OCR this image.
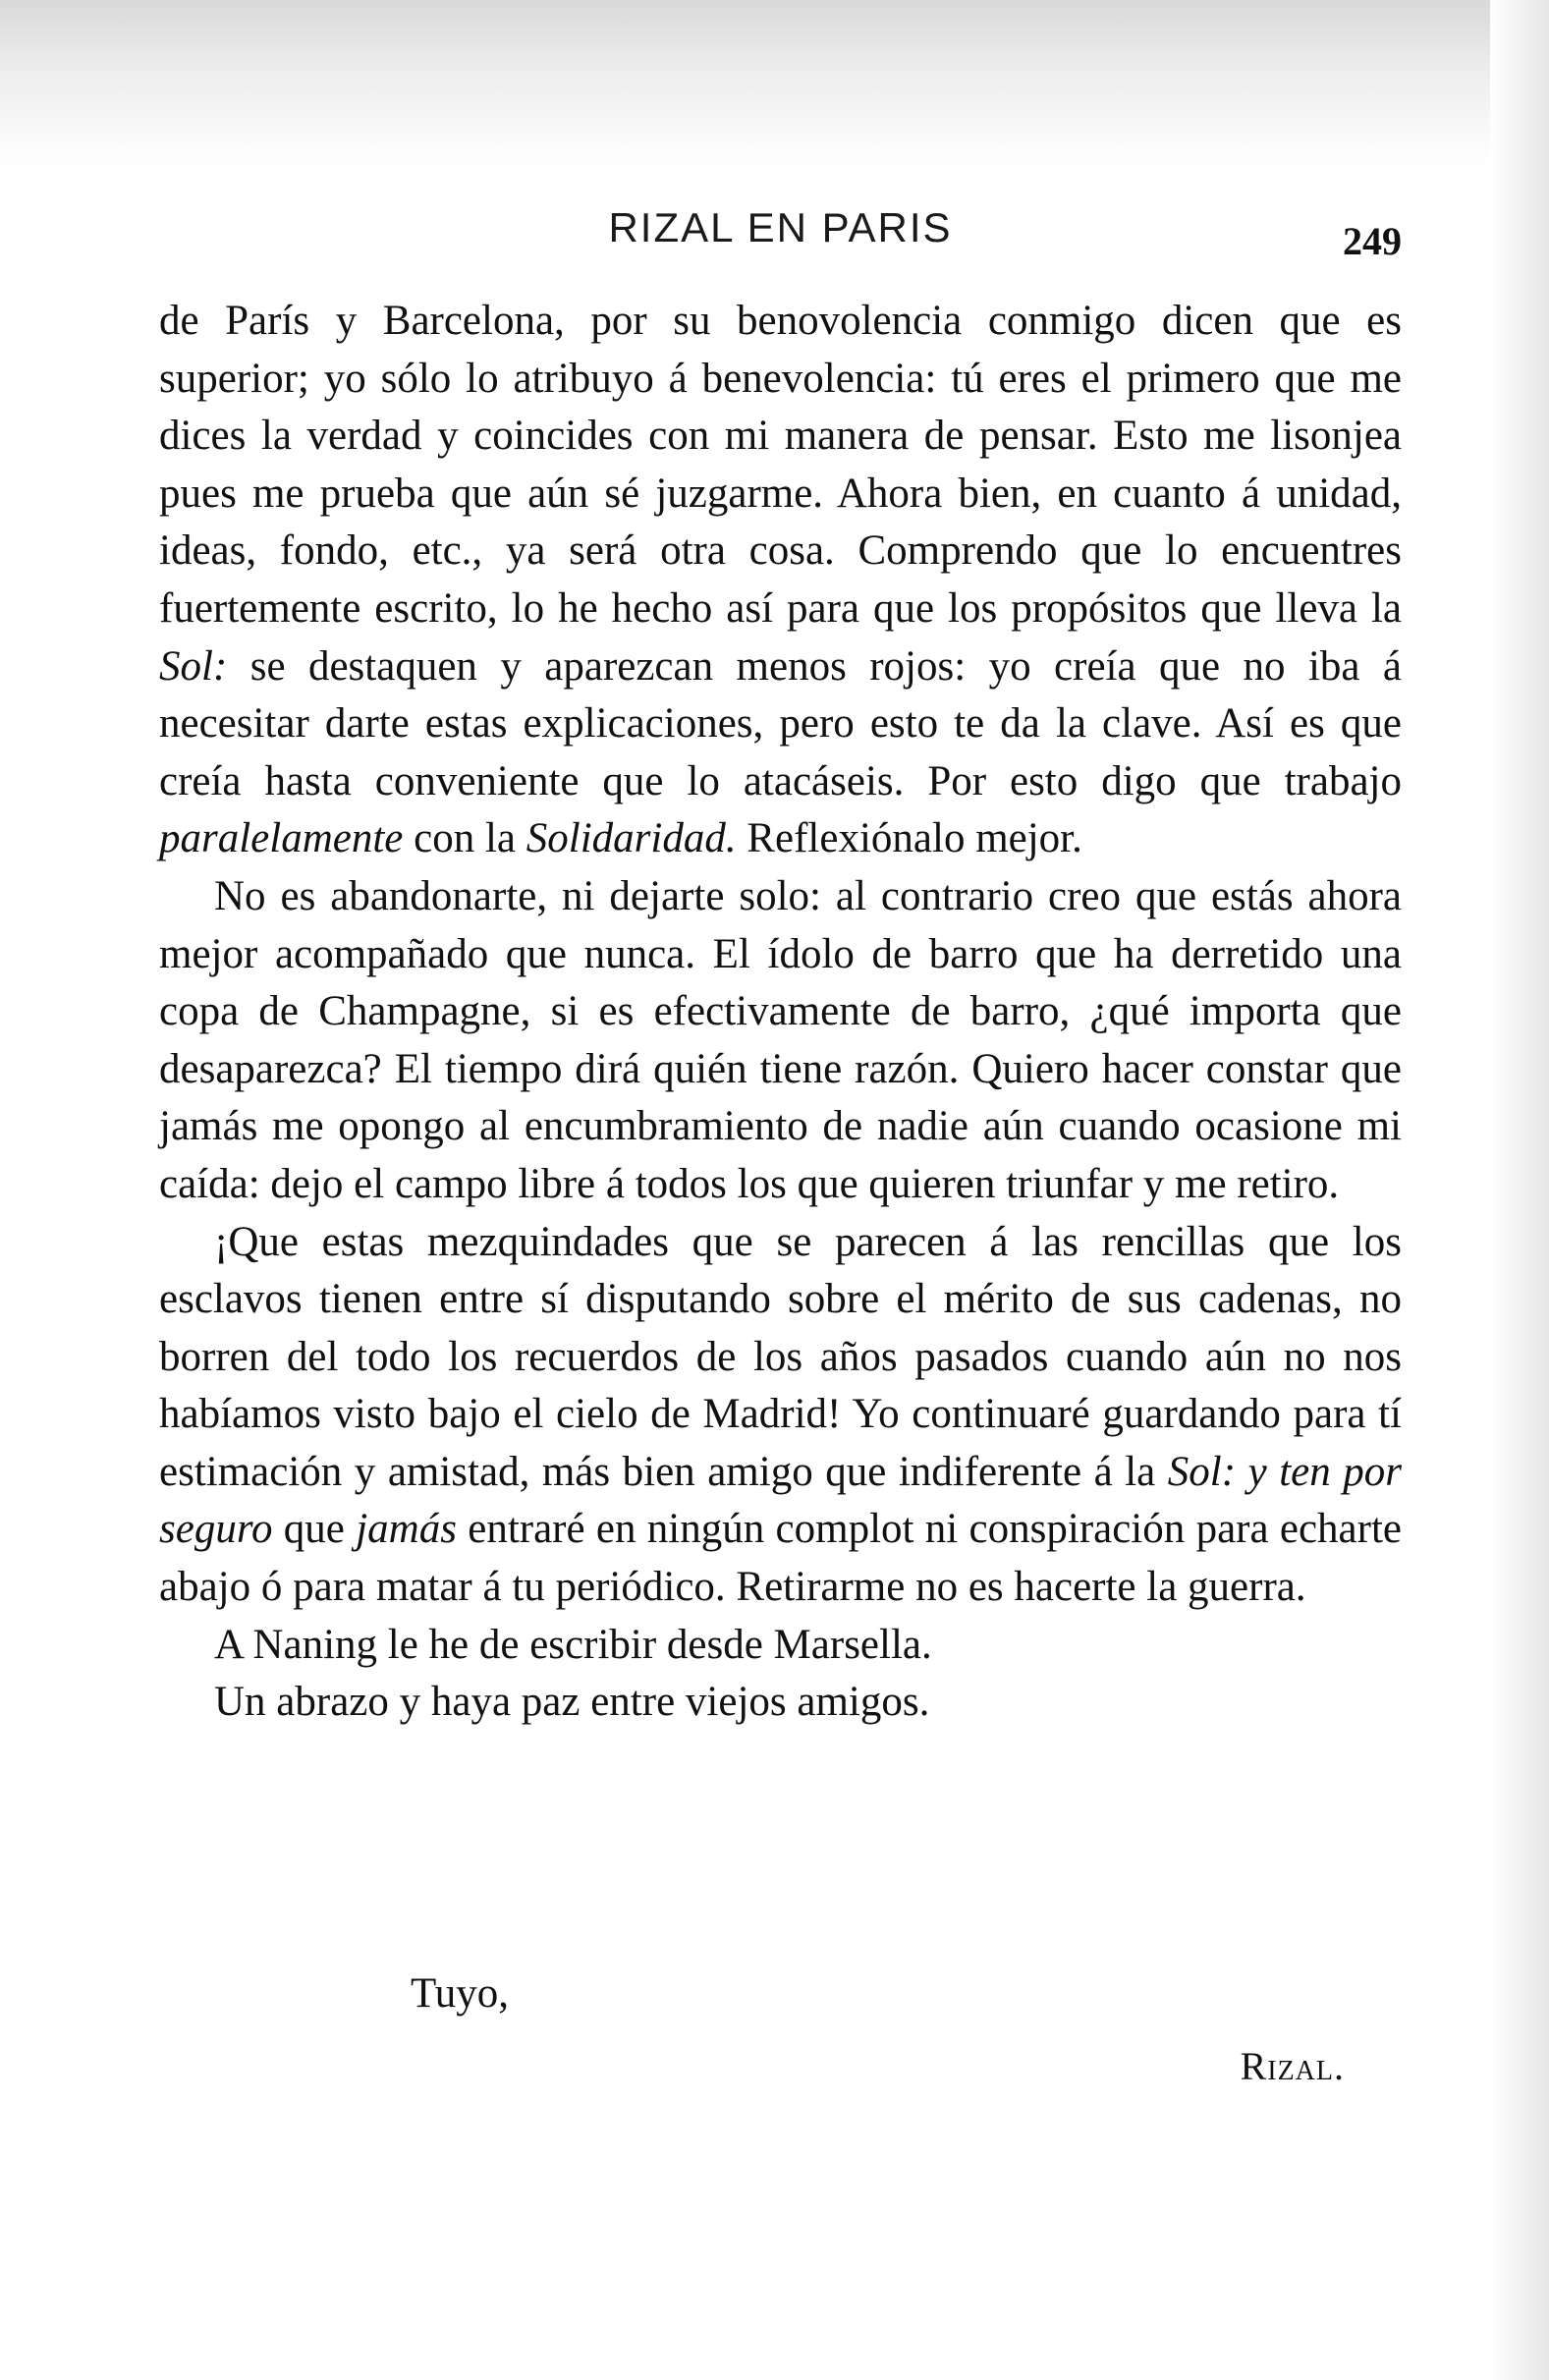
RIZAL EN PARIS	249

de París y Barcelona, por su benovolencia conmigo dicen que es superior; yo sólo lo atribuyo á benevolencia: tú eres el primero que me dices la verdad y coincides con mi manera de pensar. Esto me lisonjea pues me prueba que aún sé juzgarme. Ahora bien, en cuanto á unidad, ideas, fondo, etc., ya será otra cosa. Comprendo que lo encuentres fuertemente escrito, lo he hecho así para que los propósitos que lleva la Sol: se destaquen y aparezcan menos rojos: yo creía que no iba á necesitar darte estas explicaciones, pero esto te da la clave. Así es que creía hasta conveniente que lo atacáseis. Por esto digo que trabajo paralelamente con la Solidaridad. Reflexiónalo mejor.

No es abandonarte, ni dejarte solo: al contrario creo que estás ahora mejor acompañado que nunca. El ídolo de barro que ha derretido una copa de Champagne, si es efectivamente de barro, ¿qué importa que desaparezca? El tiempo dirá quién tiene razón. Quiero hacer constar que jamás me opongo al encumbramiento de nadie aún cuando ocasione mi caída: dejo el campo libre á todos los que quieren triunfar y me retiro.

¡Que estas mezquindades que se parecen á las rencillas que los esclavos tienen entre sí disputando sobre el mérito de sus cadenas, no borren del todo los recuerdos de los años pasados cuando aún no nos habíamos visto bajo el cielo de Madrid! Yo continuaré guardando para tí estimación y amistad, más bien amigo que indiferente á la Sol: y ten por seguro que jamás entraré en ningún complot ni conspiración para echarte abajo ó para matar á tu periódico. Retirarme no es hacerte la guerra.

A Naning le he de escribir desde Marsella.

Un abrazo y haya paz entre viejos amigos.

Tuyo,
Rizal.
